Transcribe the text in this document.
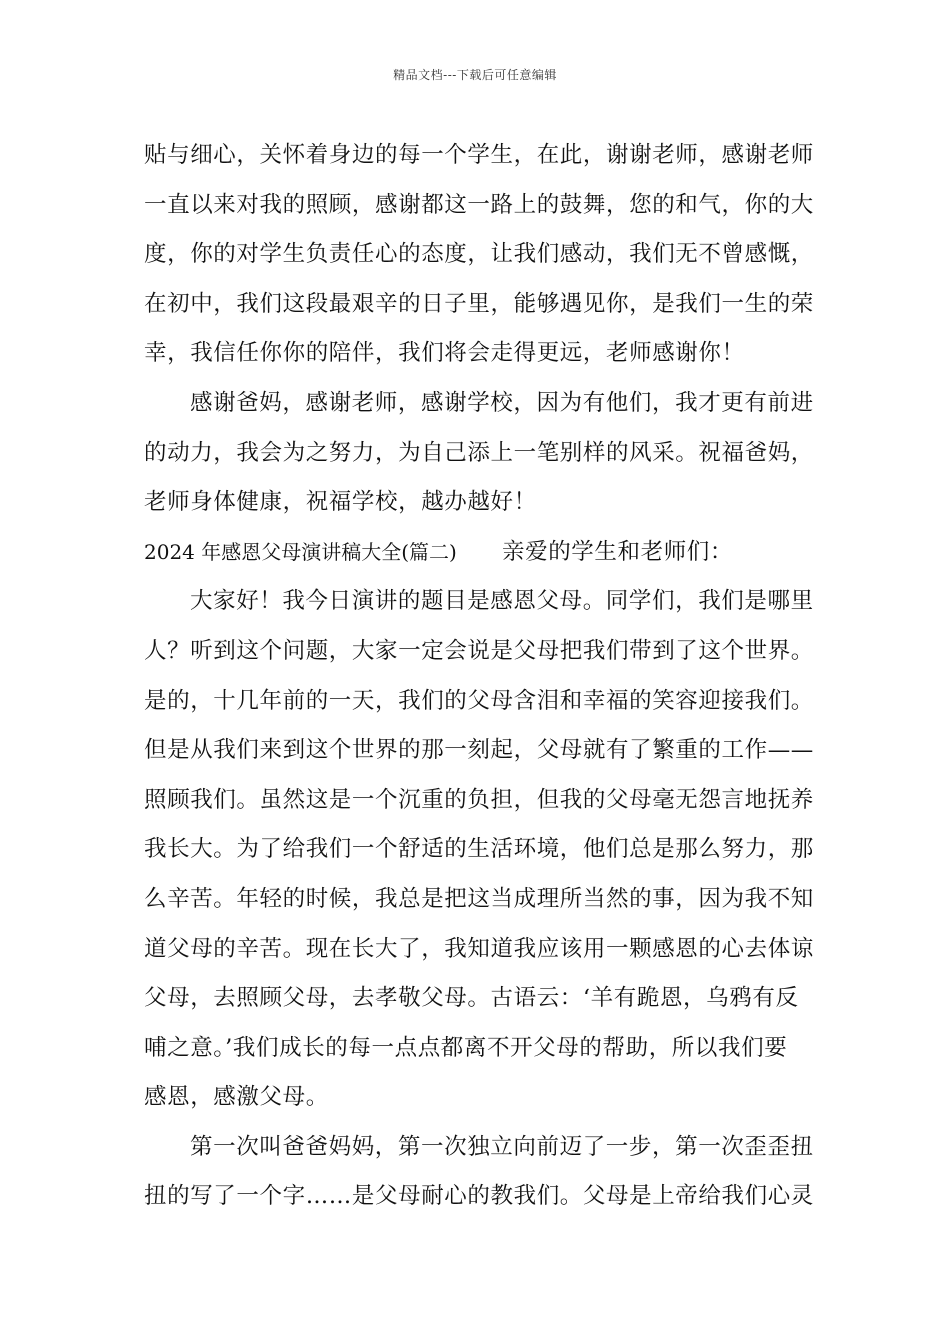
精品文档---下载后可任意编辑
贴与细心，关怀着身边的每一个学生，在此，谢谢老师，感谢老师
一直以来对我的照顾，感谢都这一路上的鼓舞，您的和气，你的大
度，你的对学生负责任心的态度，让我们感动，我们无不曾感慨，
在初中，我们这段最艰辛的日子里，能够遇见你，是我们一生的荣
幸，我信任你你的陪伴，我们将会走得更远，老师感谢你！
感谢爸妈，感谢老师，感谢学校，因为有他们，我才更有前进
的动力，我会为之努力，为自己添上一笔别样的风采。祝福爸妈，
老师身体健康，祝福学校，越办越好！
2024 年感恩父母演讲稿大全(篇二) 亲爱的学生和老师们：
大家好！我今日演讲的题目是感恩父母。同学们，我们是哪里
人？听到这个问题，大家一定会说是父母把我们带到了这个世界。
是的，十几年前的一天，我们的父母含泪和幸福的笑容迎接我们。
但是从我们来到这个世界的那一刻起，父母就有了繁重的工作——
照顾我们。虽然这是一个沉重的负担，但我的父母毫无怨言地抚养
我长大。为了给我们一个舒适的生活环境，他们总是那么努力，那
么辛苦。年轻的时候，我总是把这当成理所当然的事，因为我不知
道父母的辛苦。现在长大了，我知道我应该用一颗感恩的心去体谅
父母，去照顾父母，去孝敬父母。古语云：‘羊有跪恩，乌鸦有反
哺之意。’我们成长的每一点点都离不开父母的帮助，所以我们要
感恩，感激父母。
第一次叫爸爸妈妈，第一次独立向前迈了一步，第一次歪歪扭
扭的写了一个字……是父母耐心的教我们。父母是上帝给我们心灵
